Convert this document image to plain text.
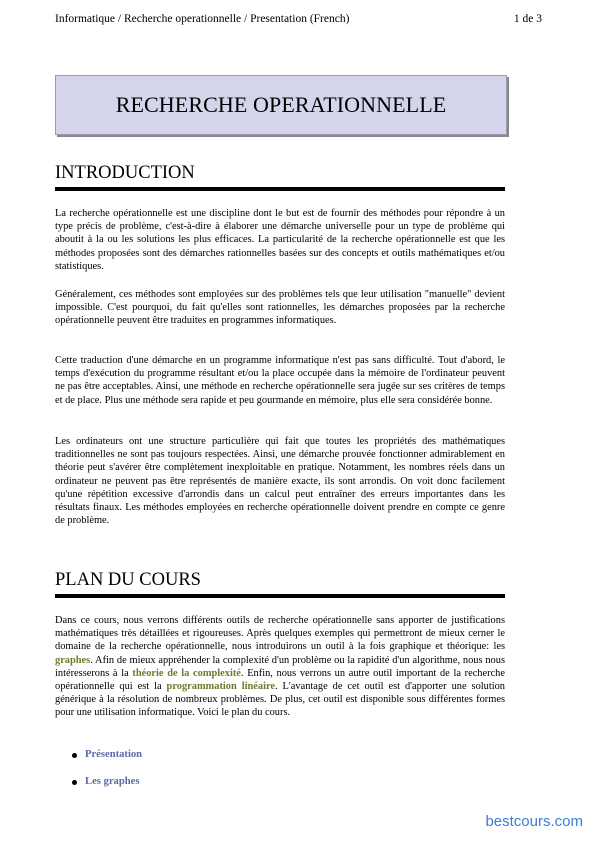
Informatique / Recherche operationnelle / Presentation (French)	1 de 3
RECHERCHE OPERATIONNELLE
INTRODUCTION

La recherche opérationnelle est une discipline dont le but est de fournir des méthodes pour répondre à un type précis de problème, c'est-à-dire à élaborer une démarche universelle pour un type de problème qui aboutit à la ou les solutions les plus efficaces. La particularité de la recherche opérationnelle est que les méthodes proposées sont des démarches rationnelles basées sur des concepts et outils mathématiques et/ou statistiques.

Généralement, ces méthodes sont employées sur des problèmes tels que leur utilisation "manuelle" devient impossible. C'est pourquoi, du fait qu'elles sont rationnelles, les démarches proposées par la recherche opérationnelle peuvent être traduites en programmes informatiques.

Cette traduction d'une démarche en un programme informatique n'est pas sans difficulté. Tout d'abord, le temps d'exécution du programme résultant et/ou la place occupée dans la mémoire de l'ordinateur peuvent ne pas être acceptables. Ainsi, une méthode en recherche opérationnelle sera jugée sur ses critères de temps et de place. Plus une méthode sera rapide et peu gourmande en mémoire, plus elle sera considérée bonne.

Les ordinateurs ont une structure particulière qui fait que toutes les propriétés des mathématiques traditionnelles ne sont pas toujours respectées. Ainsi, une démarche prouvée fonctionner admirablement en théorie peut s'avérer être complètement inexploitable en pratique. Notamment, les nombres réels dans un ordinateur ne peuvent pas être représentés de manière exacte, ils sont arrondis. On voit donc facilement qu'une répétition excessive d'arrondis dans un calcul peut entraîner des erreurs importantes dans les résultats finaux. Les méthodes employées en recherche opérationnelle doivent prendre en compte ce genre de problème.

PLAN DU COURS

Dans ce cours, nous verrons différents outils de recherche opérationnelle sans apporter de justifications mathématiques très détaillées et rigoureuses. Après quelques exemples qui permettront de mieux cerner le domaine de la recherche opérationnelle, nous introduirons un outil à la fois graphique et théorique: les graphes. Afin de mieux appréhender la complexité d'un problème ou la rapidité d'un algorithme, nous nous intéresserons à la théorie de la complexité. Enfin, nous verrons un autre outil important de la recherche opérationnelle qui est la programmation linéaire. L'avantage de cet outil est d'apporter une solution générique à la résolution de nombreux problèmes. De plus, cet outil est disponible sous différentes formes pour une utilisation informatique. Voici le plan du cours.

Présentation
Les graphes
bestcours.com
